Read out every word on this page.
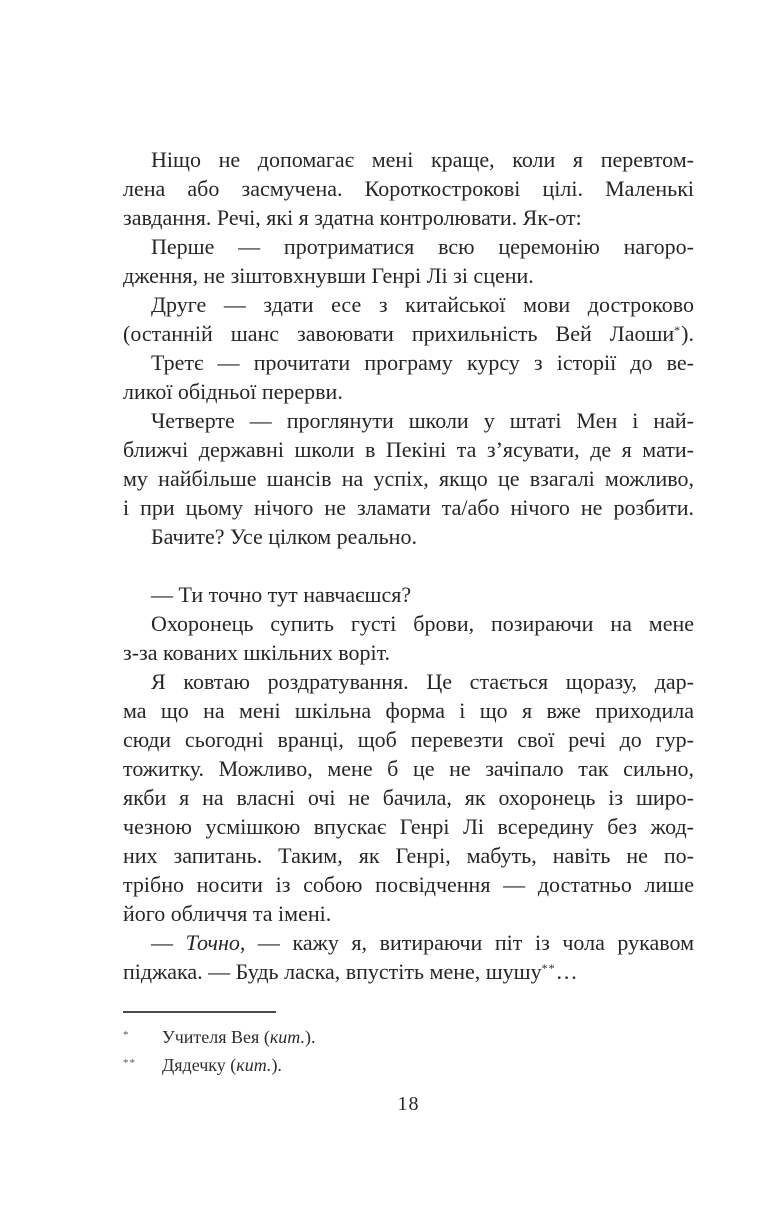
Ніщо не допомагає мені краще, коли я перевтом-
лена або засмучена. Короткострокові цілі. Маленькі
завдання. Речі, які я здатна контролювати. Як-от:

Перше — протриматися всю церемонію нагоро-
дження, не зіштовхнувши Генрі Лі зі сцени.

Друге — здати есе з китайської мови достроково
(останній шанс завоювати прихильність Вей Лаоши*).

Третє — прочитати програму курсу з історії до ве-
ликої обідньої перерви.

Четверте — проглянути школи у штаті Мен і най-
ближчі державні школи в Пекіні та з’ясувати, де я мати-
му найбільше шансів на успіх, якщо це взагалі можливо,
і при цьому нічого не зламати та/або нічого не розбити.

Бачите? Усе цілком реально.

— Ти точно тут навчаєшся?

Охоронець супить густі брови, позираючи на мене
з-за кованих шкільних воріт.

Я ковтаю роздратування. Це стається щоразу, дар-
ма що на мені шкільна форма і що я вже приходила
сюди сьогодні вранці, щоб перевезти свої речі до гур-
тожитку. Можливо, мене б це не зачіпало так сильно,
якби я на власні очі не бачила, як охоронець із широ-
чезною усмішкою впускає Генрі Лі всередину без жод-
них запитань. Таким, як Генрі, мабуть, навіть не по-
трібно носити із собою посвідчення — достатньо лише
його обличчя та імені.

— Точно, — кажу я, витираючи піт із чола рукавом
піджака. — Будь ласка, впустіть мене, шушу**…

* Учителя Вея (кит.).
** Дядечку (кит.).
18
